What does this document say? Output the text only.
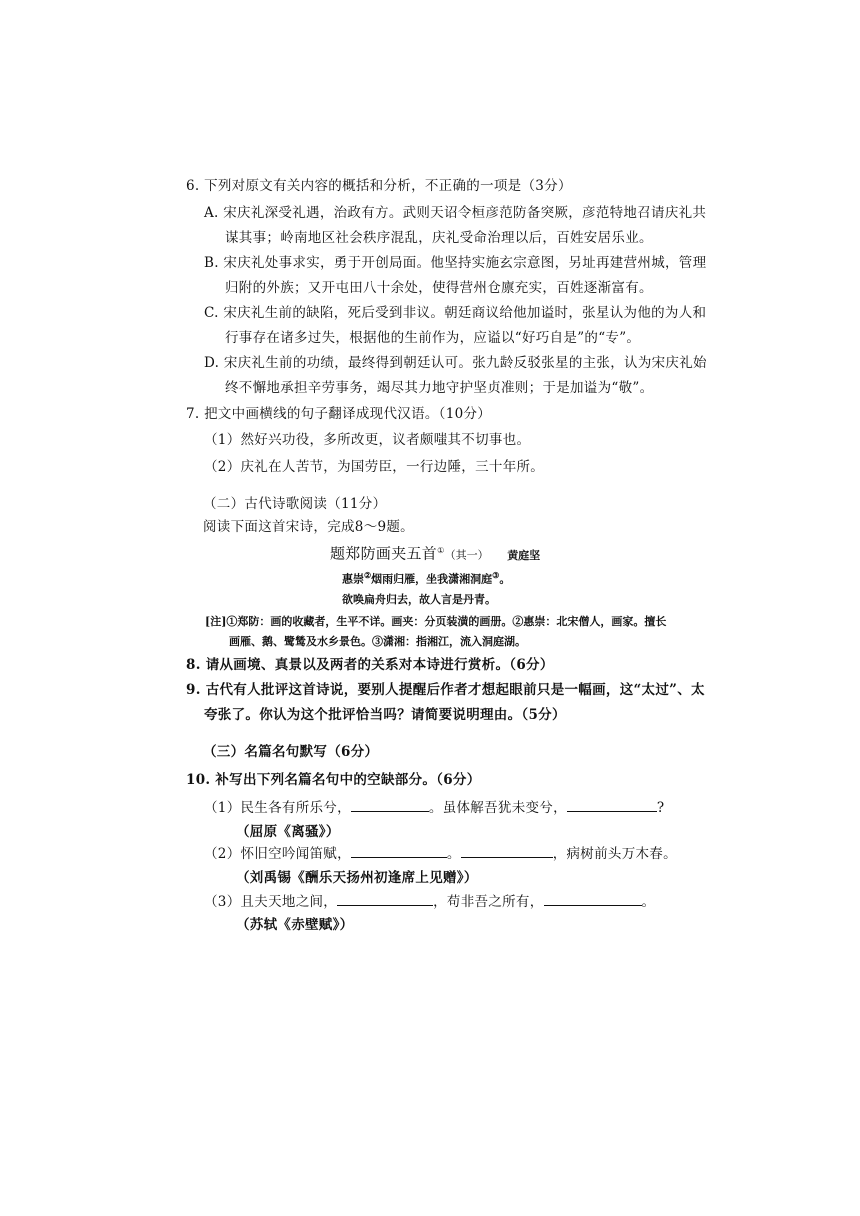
6. 下列对原文有关内容的概括和分析，不正确的一项是（3分）
A. 宋庆礼深受礼遇，治政有方。武则天诏令桓彦范防备突厥，彦范特地召请庆礼共
谋其事；岭南地区社会秩序混乱，庆礼受命治理以后，百姓安居乐业。
B. 宋庆礼处事求实，勇于开创局面。他坚持实施玄宗意图，另址再建营州城，管理
归附的外族；又开屯田八十余处，使得营州仓廪充实，百姓逐渐富有。
C. 宋庆礼生前的缺陷，死后受到非议。朝廷商议给他加谥时，张星认为他的为人和
行事存在诸多过失，根据他的生前作为，应谥以“好巧自是”的“专”。
D. 宋庆礼生前的功绩，最终得到朝廷认可。张九龄反驳张星的主张，认为宋庆礼始
终不懈地承担辛劳事务，竭尽其力地守护坚贞准则；于是加谥为“敬”。
7. 把文中画横线的句子翻译成现代汉语。（10分）
（1）然好兴功役，多所改更，议者颇嗤其不切事也。
（2）庆礼在人苦节，为国劳臣，一行边陲，三十年所。
（二）古代诗歌阅读（11分）
阅读下面这首宋诗，完成8～9题。
题郑防画夹五首①（其一） 黄庭坚
惠崇②烟雨归雁，坐我潇湘洞庭③。
欲唤扁舟归去，故人言是丹青。
[注]①郑防：画的收藏者，生平不详。画夹：分页装潢的画册。②惠崇：北宋僧人，画家。擅长
画雁、鹅、鹭鸶及水乡景色。③潇湘：指湘江，流入洞庭湖。
8. 请从画境、真景以及两者的关系对本诗进行赏析。（6分）
9. 古代有人批评这首诗说，要别人提醒后作者才想起眼前只是一幅画，这“太过”、太
夸张了。你认为这个批评恰当吗？请简要说明理由。（5分）
（三）名篇名句默写（6分）
10. 补写出下列名篇名句中的空缺部分。（6分）
（1）民生各有所乐兮，	。虽体解吾犹未变兮，	?
（屈原《离骚》）
（2）怀旧空吟闻笛赋，	。	，病树前头万木春。
（刘禹锡《酬乐天扬州初逢席上见赠》）
（3）且夫天地之间，	，苟非吾之所有，	。
（苏轼《赤壁赋》）
